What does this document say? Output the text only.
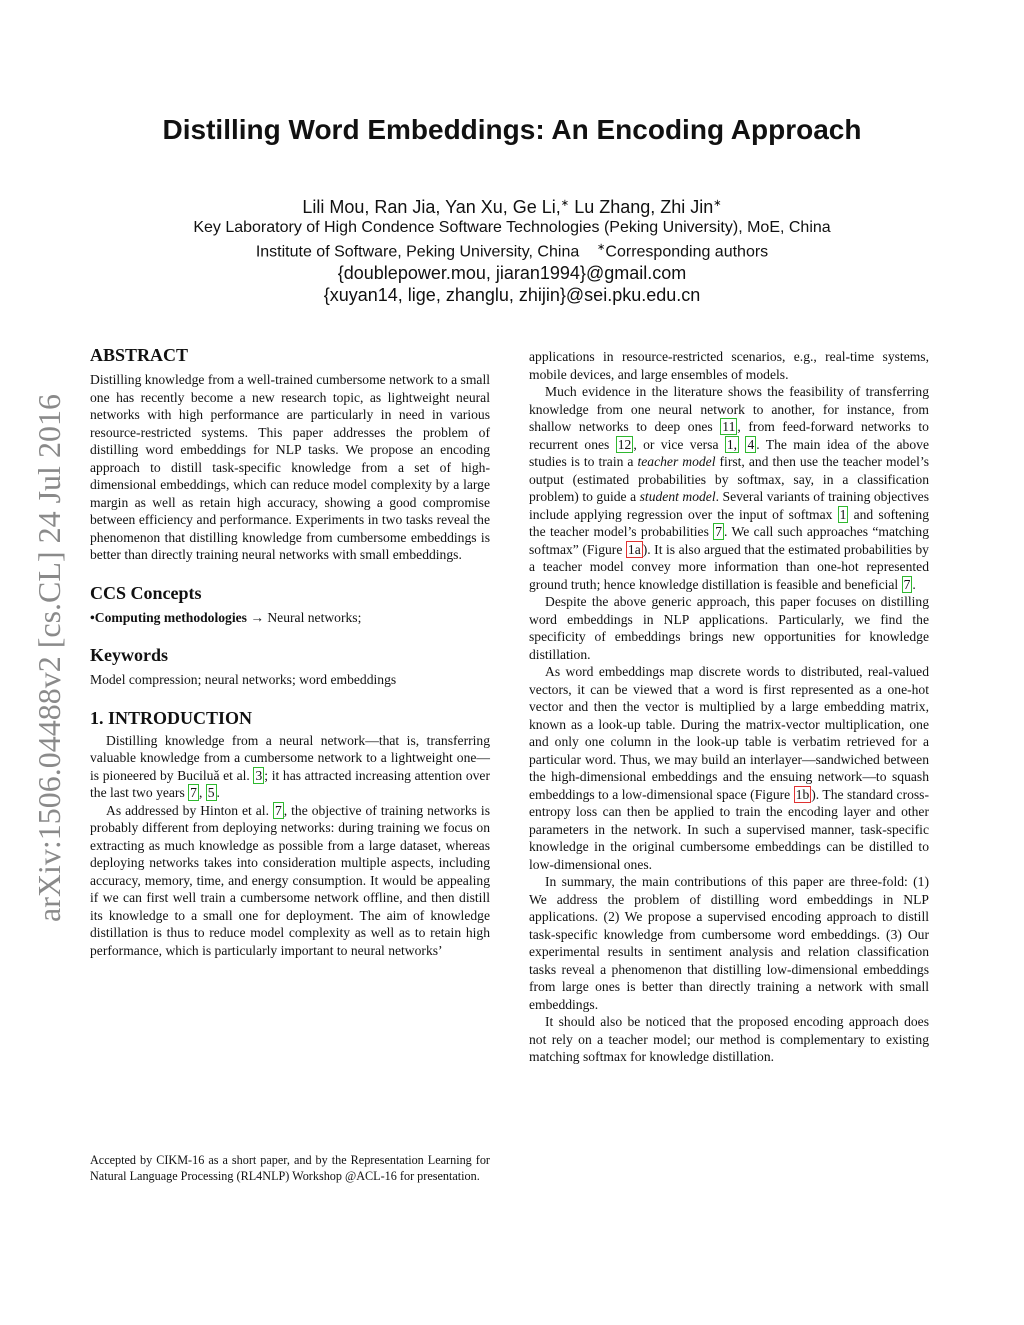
arXiv:1506.04488v2 [cs.CL] 24 Jul 2016
Distilling Word Embeddings: An Encoding Approach
Lili Mou, Ran Jia, Yan Xu, Ge Li,∗ Lu Zhang, Zhi Jin∗
Key Laboratory of High Condence Software Technologies (Peking University), MoE, China
Institute of Software, Peking University, China ∗Corresponding authors
{doublepower.mou, jiaran1994}@gmail.com
{xuyan14, lige, zhanglu, zhijin}@sei.pku.edu.cn
ABSTRACT

Distilling knowledge from a well-trained cumbersome network to a small one has recently become a new research topic, as lightweight neural networks with high performance are particularly in need in various resource-restricted systems. This paper addresses the problem of distilling word embeddings for NLP tasks. We propose an encoding approach to distill task-specific knowledge from a set of high-dimensional embeddings, which can reduce model complexity by a large margin as well as retain high accuracy, showing a good compromise between efficiency and performance. Experiments in two tasks reveal the phenomenon that distilling knowledge from cumbersome embeddings is better than directly training neural networks with small embeddings.

CCS Concepts

•Computing methodologies → Neural networks;

Keywords

Model compression; neural networks; word embeddings

1. INTRODUCTION

Distilling knowledge from a neural network—that is, transferring valuable knowledge from a cumbersome network to a lightweight one—is pioneered by Buciluǎ et al. 3 ; it has attracted increasing attention over the last two years 7 , 5 .

As addressed by Hinton et al. 7 , the objective of training networks is probably different from deploying networks: during training we focus on extracting as much knowledge as possible from a large dataset, whereas deploying networks takes into consideration multiple aspects, including accuracy, memory, time, and energy consumption. It would be appealing if we can first well train a cumbersome network offline, and then distill its knowledge to a small one for deployment. The aim of knowledge distillation is thus to reduce model complexity as well as to retain high performance, which is particularly important to neural networks’

Accepted by CIKM-16 as a short paper, and by the Representation Learning for Natural Language Processing (RL4NLP) Workshop @ACL-16 for presentation.

applications in resource-restricted scenarios, e.g., real-time systems, mobile devices, and large ensembles of models.

Much evidence in the literature shows the feasibility of transferring knowledge from one neural network to another, for instance, from shallow networks to deep ones 11 , from feed-forward networks to recurrent ones 12 , or vice versa 1, 4 . The main idea of the above studies is to train a teacher model first, and then use the teacher model’s output (estimated probabilities by softmax, say, in a classification problem) to guide a student model. Several variants of training objectives include applying regression over the input of softmax 1 and softening the teacher model’s probabilities 7 . We call such approaches “matching softmax” (Figure 1a ). It is also argued that the estimated probabilities by a teacher model convey more information than one-hot represented ground truth; hence knowledge distillation is feasible and beneficial 7 .

Despite the above generic approach, this paper focuses on distilling word embeddings in NLP applications. Particularly, we find the specificity of embeddings brings new opportunities for knowledge distillation.

As word embeddings map discrete words to distributed, real-valued vectors, it can be viewed that a word is first represented as a one-hot vector and then the vector is multiplied by a large embedding matrix, known as a look-up table. During the matrix-vector multiplication, one and only one column in the look-up table is verbatim retrieved for a particular word. Thus, we may build an interlayer—sandwiched between the high-dimensional embeddings and the ensuing network—to squash embeddings to a low-dimensional space (Figure 1b ). The standard cross-entropy loss can then be applied to train the encoding layer and other parameters in the network. In such a supervised manner, task-specific knowledge in the original cumbersome embeddings can be distilled to low-dimensional ones.

In summary, the main contributions of this paper are three-fold: (1) We address the problem of distilling word embeddings in NLP applications. (2) We propose a supervised encoding approach to distill task-specific knowledge from cumbersome word embeddings. (3) Our experimental results in sentiment analysis and relation classification tasks reveal a phenomenon that distilling low-dimensional embeddings from large ones is better than directly training a network with small embeddings.

It should also be noticed that the proposed encoding approach does not rely on a teacher model; our method is complementary to existing matching softmax for knowledge distillation.
